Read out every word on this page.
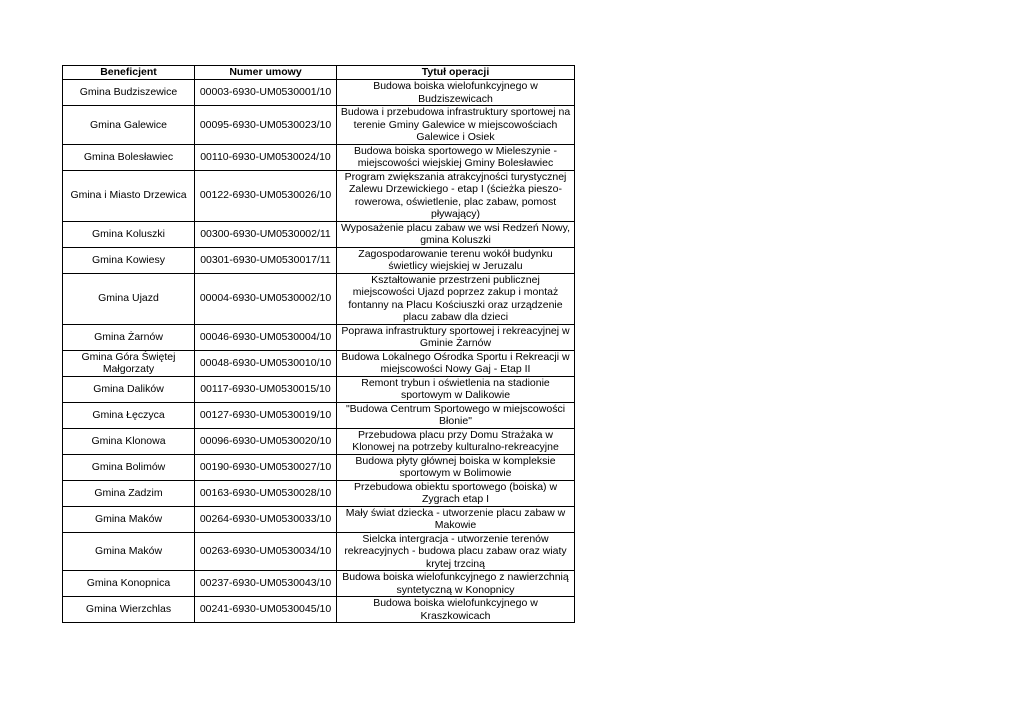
Beneficjent	Numer umowy	Tytuł operacji
Gmina Budziszewice	00003-6930-UM0530001/10	Budowa boiska wielofunkcyjnego w Budziszewicach
Gmina Galewice	00095-6930-UM0530023/10	Budowa i przebudowa infrastruktury sportowej na terenie Gminy Galewice w miejscowościach Galewice i Osiek
Gmina Bolesławiec	00110-6930-UM0530024/10	Budowa boiska sportowego w Mieleszynie - miejscowości wiejskiej Gminy Bolesławiec
Gmina i Miasto Drzewica	00122-6930-UM0530026/10	Program zwiększania atrakcyjności turystycznej Zalewu Drzewickiego - etap I (ścieżka pieszo-rowerowa, oświetlenie, plac zabaw, pomost pływający)
Gmina Koluszki	00300-6930-UM0530002/11	Wyposażenie placu zabaw we wsi Redzeń Nowy, gmina Koluszki
Gmina Kowiesy	00301-6930-UM0530017/11	Zagospodarowanie terenu wokół budynku świetlicy wiejskiej w Jeruzalu
Gmina Ujazd	00004-6930-UM0530002/10	Kształtowanie przestrzeni publicznej miejscowości Ujazd poprzez zakup i montaż fontanny na Placu Kościuszki oraz urządzenie placu zabaw dla dzieci
Gmina Żarnów	00046-6930-UM0530004/10	Poprawa infrastruktury sportowej i rekreacyjnej w Gminie Żarnów
Gmina Góra Świętej Małgorzaty	00048-6930-UM0530010/10	Budowa Lokalnego Ośrodka Sportu i Rekreacji w miejscowości Nowy Gaj - Etap II
Gmina Dalików	00117-6930-UM0530015/10	Remont trybun i oświetlenia na stadionie sportowym w Dalikowie
Gmina Łęczyca	00127-6930-UM0530019/10	"Budowa Centrum Sportowego w miejscowości Błonie"
Gmina Klonowa	00096-6930-UM0530020/10	Przebudowa placu przy Domu Strażaka w Klonowej na potrzeby kulturalno-rekreacyjne
Gmina Bolimów	00190-6930-UM0530027/10	Budowa płyty głównej boiska w kompleksie sportowym w Bolimowie
Gmina Zadzim	00163-6930-UM0530028/10	Przebudowa obiektu sportowego (boiska) w Zygrach etap I
Gmina Maków	00264-6930-UM0530033/10	Mały świat dziecka - utworzenie placu zabaw w Makowie
Gmina Maków	00263-6930-UM0530034/10	Sielcka intergracja - utworzenie terenów rekreacyjnych - budowa placu zabaw oraz wiaty krytej trzciną
Gmina Konopnica	00237-6930-UM0530043/10	Budowa boiska wielofunkcyjnego z nawierzchnią syntetyczną w Konopnicy
Gmina Wierzchlas	00241-6930-UM0530045/10	Budowa boiska wielofunkcyjnego w Kraszkowicach
